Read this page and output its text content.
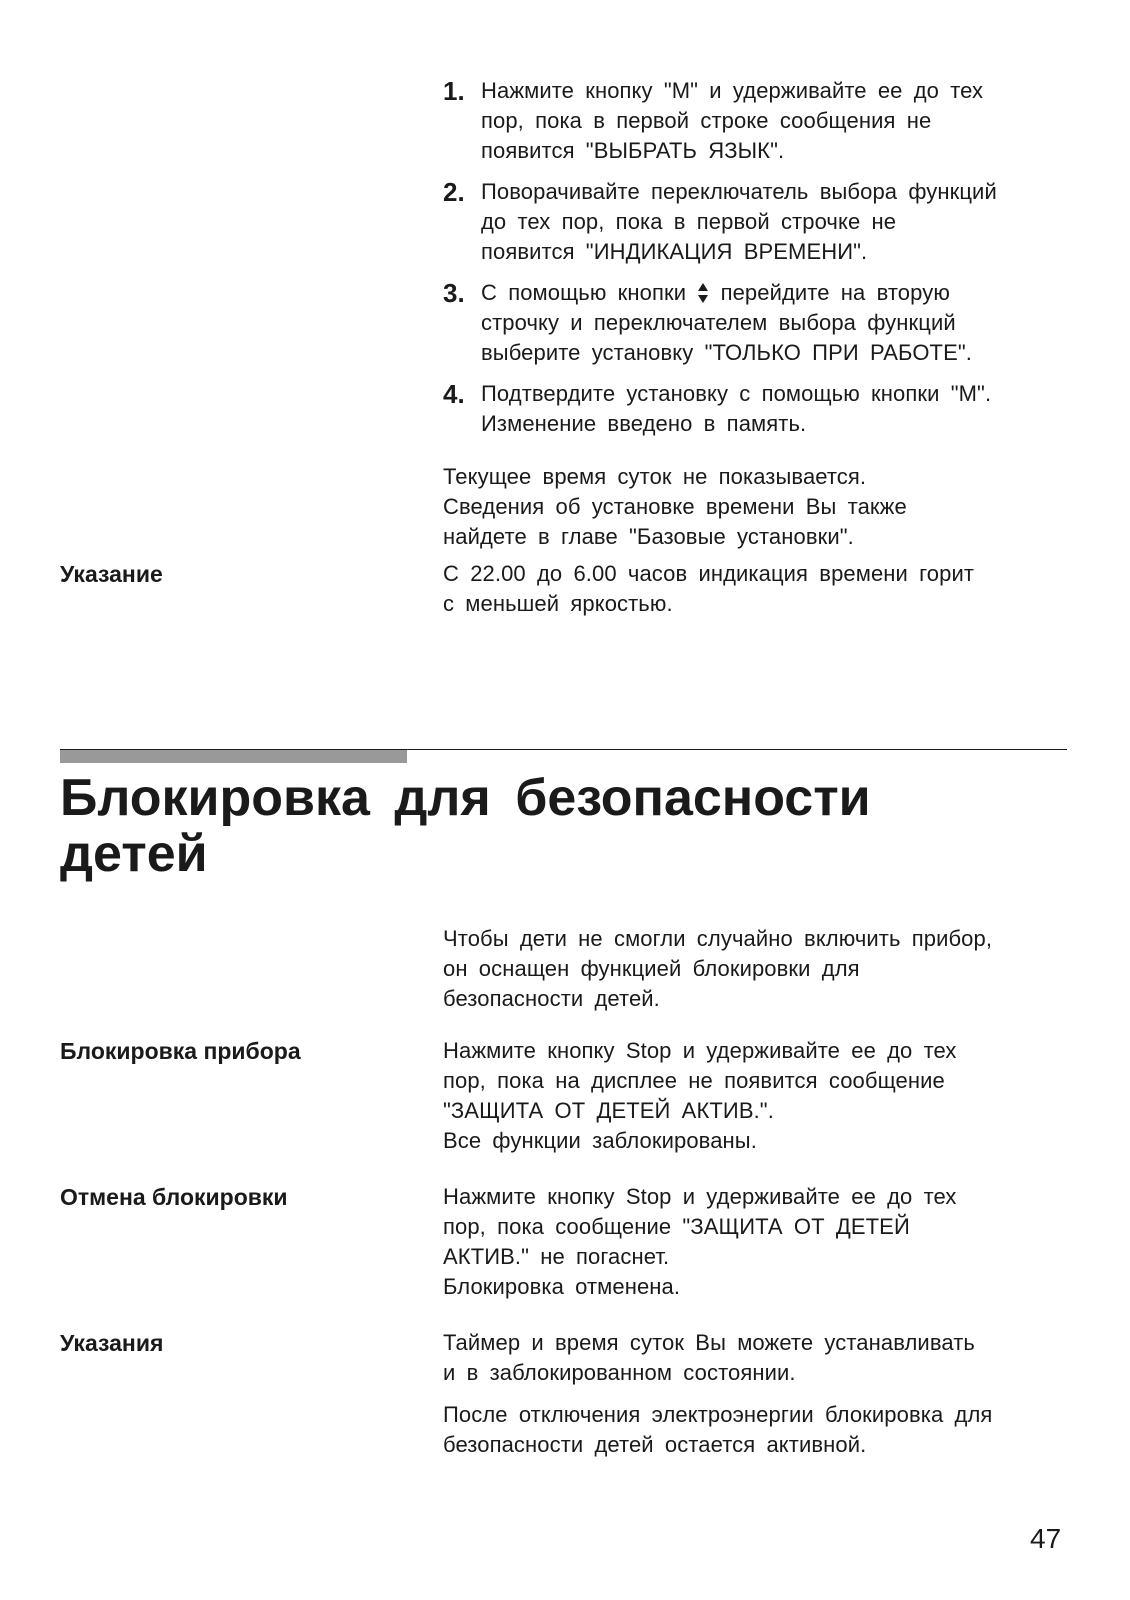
1. Нажмите кнопку "M" и удерживайте ее до тех
пор, пока в первой строке сообщения не
появится "ВЫБРАТЬ ЯЗЫК".
2. Поворачивайте переключатель выбора функций
до тех пор, пока в первой строчке не
появится "ИНДИКАЦИЯ ВРЕМЕНИ".
3. С помощью кнопки перейдите на вторую
строчку и переключателем выбора функций
выберите установку "ТОЛЬКО ПРИ РАБОТЕ".
4. Подтвердите установку с помощью кнопки "M".
Изменение введено в память.

Текущее время суток не показывается.
Сведения об установке времени Вы также
найдете в главе "Базовые установки".

Указание	С 22.00 до 6.00 часов индикация времени горит
с меньшей яркостью.

Блокировка для безопасности
детей

Чтобы дети не смогли случайно включить прибор,
он оснащен функцией блокировки для
безопасности детей.

Блокировка прибора	Нажмите кнопку Stop и удерживайте ее до тех
пор, пока на дисплее не появится сообщение
"ЗАЩИТА ОТ ДЕТЕЙ АКТИВ.".
Все функции заблокированы.

Отмена блокировки	Нажмите кнопку Stop и удерживайте ее до тех
пор, пока сообщение "ЗАЩИТА ОТ ДЕТЕЙ
АКТИВ." не погаснет.
Блокировка отменена.

Указания	Таймер и время суток Вы можете устанавливать
и в заблокированном состоянии.

После отключения электроэнергии блокировка для
безопасности детей остается активной.

47
